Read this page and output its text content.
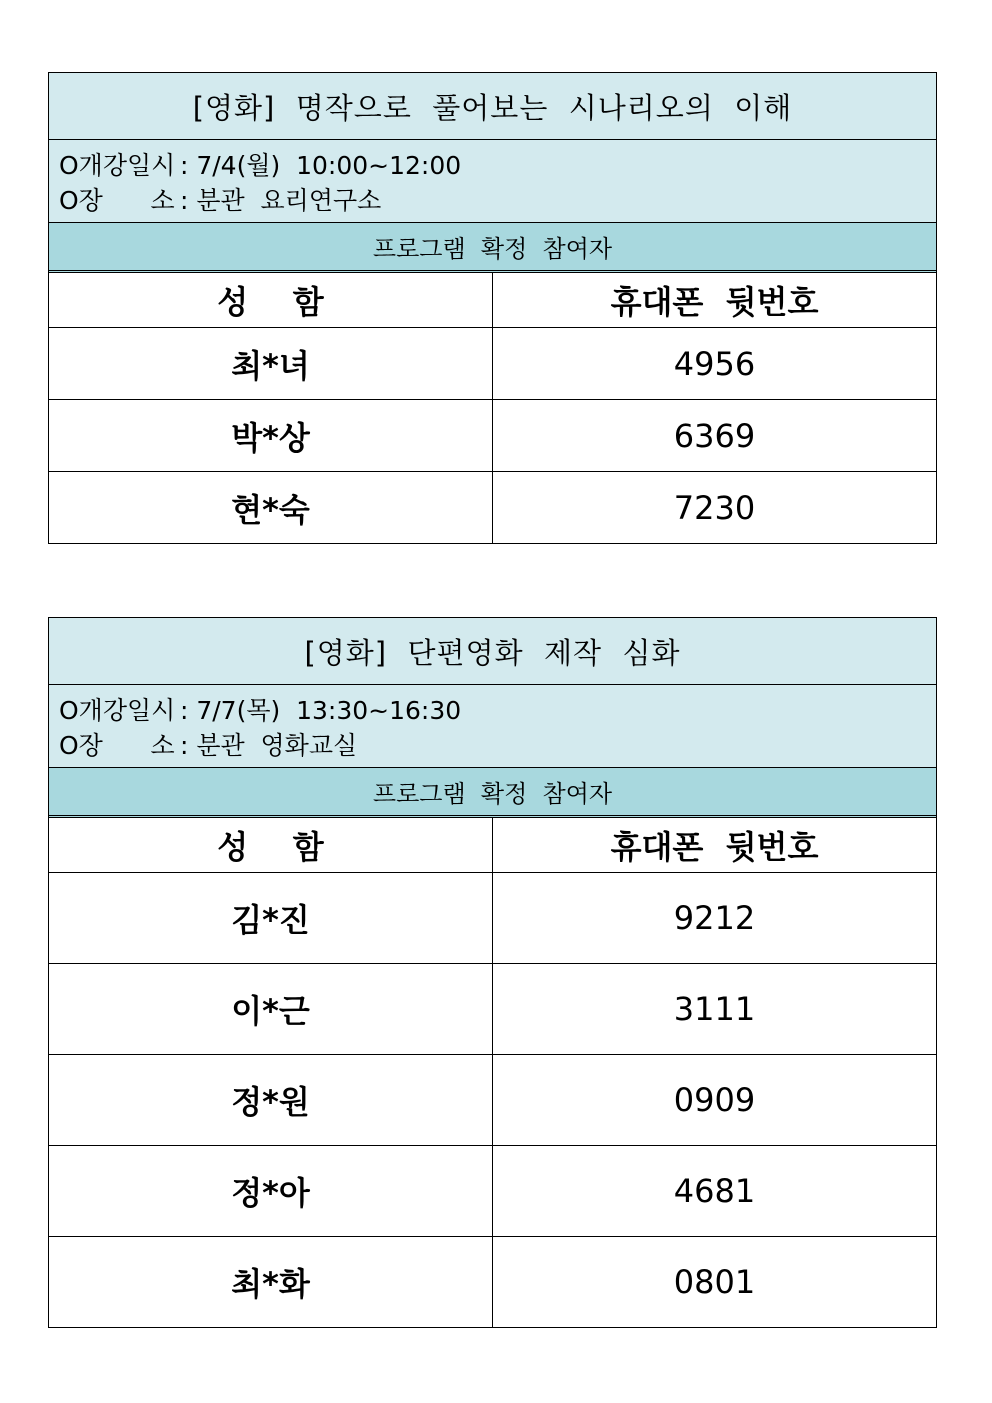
[영화]  명작으로  풀어보는  시나리오의  이해
O개강일시
: 7/4(월)  10:00~12:00
O장      소
: 분관  요리연구소
프로그램  확정  참여자
성    함	휴대폰  뒷번호
최*녀	4956
박*상	6369
현*숙	7230
[영화]  단편영화  제작  심화
O개강일시
: 7/7(목)  13:30~16:30
O장      소
: 분관  영화교실
프로그램  확정  참여자
성    함	휴대폰  뒷번호
김*진	9212
이*근	3111
정*원	0909
정*아	4681
최*화	0801
